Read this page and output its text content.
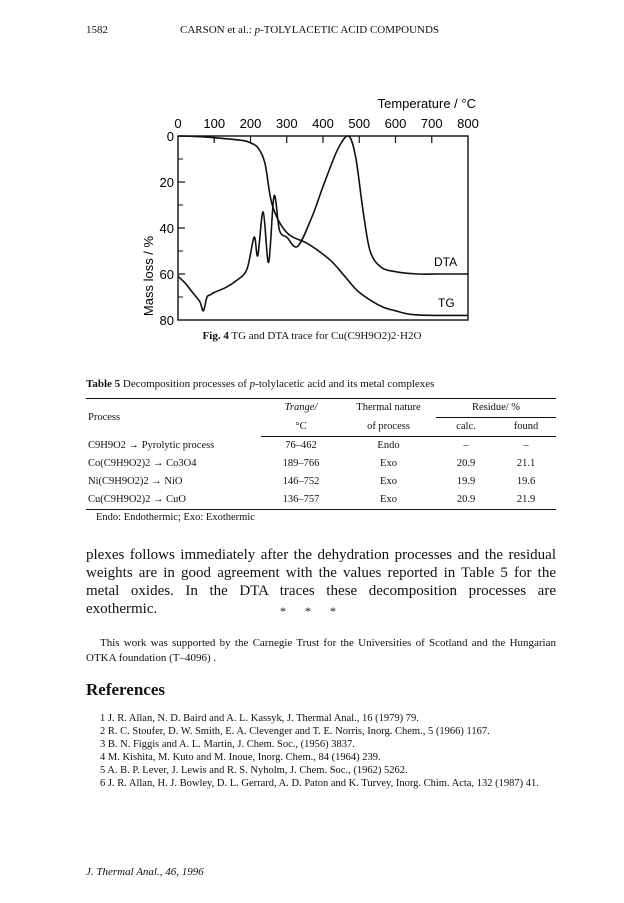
1582	CARSON et al.: p-TOLYLACETIC ACID COMPOUNDS
Temperature / °C
0 100 200 300 400 500 600 700 800
0
20
40
60
80
DTA
TG
Mass loss / %
Fig. 4 TG and DTA trace for Cu(C9H9O2)2·H2O
Table 5 Decomposition processes of p-tolylacetic acid and its metal complexes
Process	Trange/	Thermal nature	Residue/ %	
	°C	of process	calc.	found
C9H9O2 → Pyrolytic process	76–462	Endo	–	–
Co(C9H9O2)2 → Co3O4	189–766	Exo	20.9	21.1
Ni(C9H9O2)2 → NiO	146–752	Exo	19.9	19.6
Cu(C9H9O2)2 → CuO	136–757	Exo	20.9	21.9
Endo: Endothermic; Exo: Exothermic
plexes follows immediately after the dehydration processes and the residual weights are in good agreement with the values reported in Table 5 for the metal oxides. In the DTA traces these decomposition processes are exothermic.	* * *
This work was supported by the Carnegie Trust for the Universities of Scotland and the Hungarian OTKA foundation (T–4096) .
References
1 J. R. Allan, N. D. Baird and A. L. Kassyk, J. Thermal Anal., 16 (1979) 79.
2 R. C. Stoufer, D. W. Smith, E. A. Clevenger and T. E. Norris, Inorg. Chem., 5 (1966) 1167.
3 B. N. Figgis and A. L. Martin, J. Chem. Soc., (1956) 3837.
4 M. Kishita, M. Kuto and M. Inoue, Inorg. Chem., 84 (1964) 239.
5 A. B. P. Lever, J. Lewis and R. S. Nyholm, J. Chem. Soc., (1962) 5262.
6 J. R. Allan, H. J. Bowley, D. L. Gerrard, A. D. Paton and K. Turvey, Inorg. Chim. Acta, 132 (1987) 41.
J. Thermal Anal., 46, 1996
